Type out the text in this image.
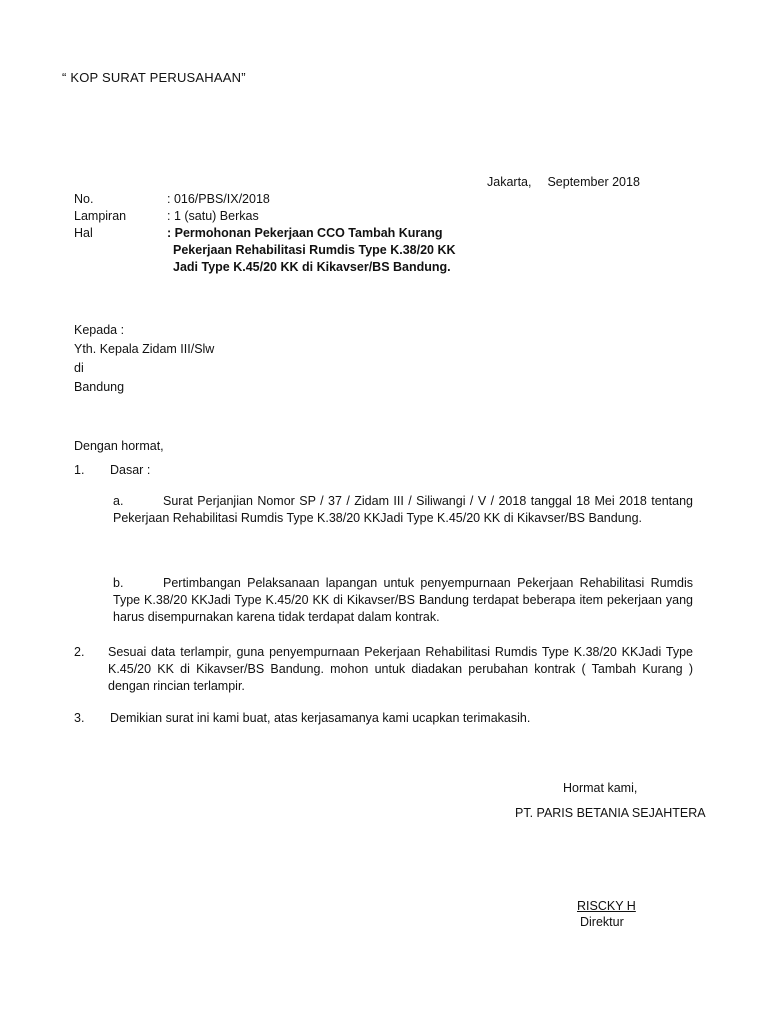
“ KOP SURAT PERUSAHAAN”
Jakarta, September 2018
No.	: 016/PBS/IX/2018
Lampiran	: 1 (satu) Berkas
Hal	: Permohonan Pekerjaan CCO Tambah Kurang
Pekerjaan Rehabilitasi Rumdis Type K.38/20 KK
Jadi Type K.45/20 KK di Kikavser/BS Bandung.
Kepada :
Yth. Kepala Zidam III/Slw
di
Bandung
Dengan hormat,
1. Dasar :
a.	Surat Perjanjian Nomor SP / 37 / Zidam III / Siliwangi / V / 2018 tanggal 18 Mei 2018 tentang Pekerjaan Rehabilitasi Rumdis Type K.38/20 KKJadi Type K.45/20 KK di Kikavser/BS Bandung.
b.	Pertimbangan Pelaksanaan lapangan untuk penyempurnaan Pekerjaan Rehabilitasi Rumdis Type K.38/20 KKJadi Type K.45/20 KK di Kikavser/BS Bandung terdapat beberapa item pekerjaan yang harus disempurnakan karena tidak terdapat dalam kontrak.
2. Sesuai data terlampir, guna penyempurnaan Pekerjaan Rehabilitasi Rumdis Type K.38/20 KKJadi Type K.45/20 KK di Kikavser/BS Bandung. mohon untuk diadakan perubahan kontrak ( Tambah Kurang ) dengan rincian terlampir.
3. Demikian surat ini kami buat, atas kerjasamanya kami ucapkan terimakasih.
Hormat kami,
PT. PARIS BETANIA SEJAHTERA
RISCKY H
Direktur
